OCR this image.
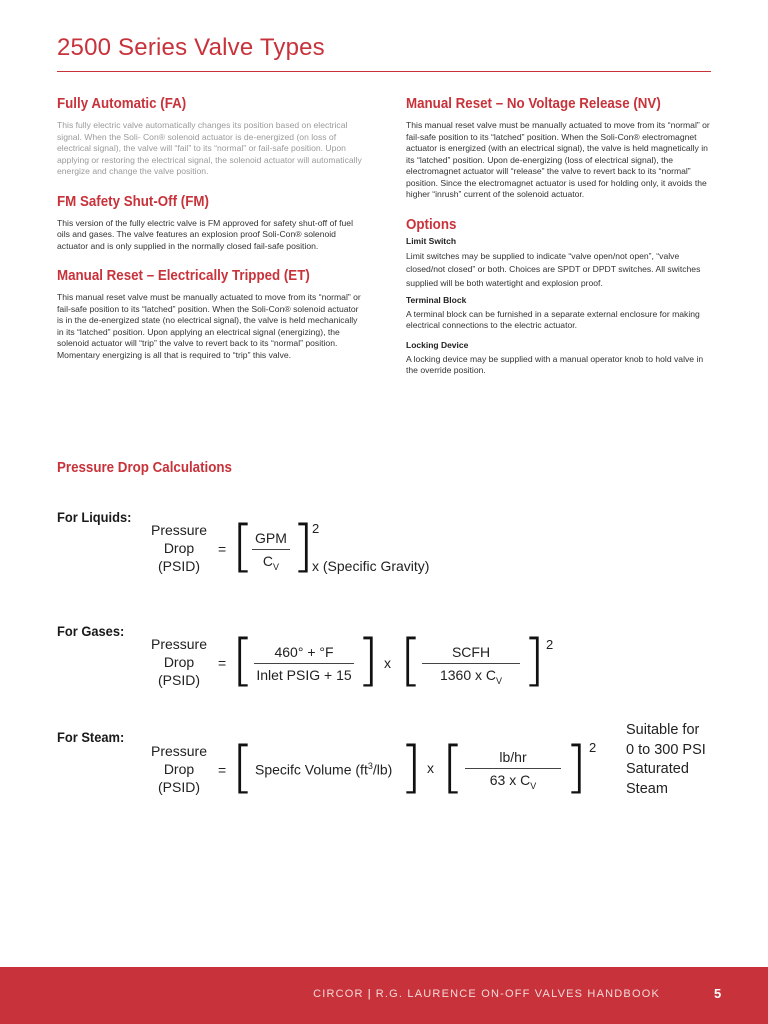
2500 Series Valve Types
Fully Automatic (FA)

This fully electric valve automatically changes its position based on electrical signal. When the Soli- Con® solenoid actuator is de-energized (on loss of electrical signal), the valve will “fail” to its “normal” or fail-safe position. Upon applying or restoring the electrical signal, the solenoid actuator will automatically energize and change the valve position.

FM Safety Shut-Off (FM)

This version of the fully electric valve is FM approved for safety shut-off of fuel oils and gases. The valve features an explosion proof Soli-Con® solenoid actuator and is only supplied in the normally closed fail-safe position.

Manual Reset – Electrically Tripped (ET)

This manual reset valve must be manually actuated to move from its “normal” or fail-safe position to its “latched” position. When the Soli-Con® solenoid actuator is in the de-energized state (no electrical signal), the valve is held mechanically in its “latched” position. Upon applying an electrical signal (energizing), the solenoid actuator will “trip” the valve to revert back to its “normal” position. Momentary energizing is all that is required to “trip” this valve.

Manual Reset – No Voltage Release (NV)

This manual reset valve must be manually actuated to move from its “normal” or fail-safe position to its “latched” position. When the Soli-Con® electromagnet actuator is energized (with an electrical signal), the valve is held magnetically in its “latched” position. Upon de-energizing (loss of electrical signal), the electromagnet actuator will “release” the valve to revert back to its “normal” position. Since the electromagnet actuator is used for holding only, it avoids the higher “inrush” current of the solenoid actuator.

Options
Limit Switch

Limit switches may be supplied to indicate “valve open/not open”, “valve closed/not closed” or both. Choices are SPDT or DPDT switches. All switches supplied will be both watertight and explosion proof.

Terminal Block

A terminal block can be furnished in a separate external enclosure for making electrical connections to the electric actuator.

Locking Device

A locking device may be supplied with a manual operator knob to hold valve in the override position.

Pressure Drop Calculations
For Liquids:
Pressure
Drop
(PSID)
= [ GPM
$C_V$ ]
2
x (Specific Gravity)
For Gases:
Pressure
Drop
(PSID)
= [	460° + °F
Inlet PSIG + 15 ] x [	SCFH
1360 x $C_V$ ] 2
For Steam:
Pressure
Drop
(PSID)
= [ Specifc Volume $(ft^3/lb)$ ] x [ $\frac{lb/hr}{63 x C_V}$ ] 2
Suitable for
0 to 300 PSI
Saturated
Steam
CIRCOR | R.G. LAURENCE ON-OFF VALVES HANDBOOK	5
